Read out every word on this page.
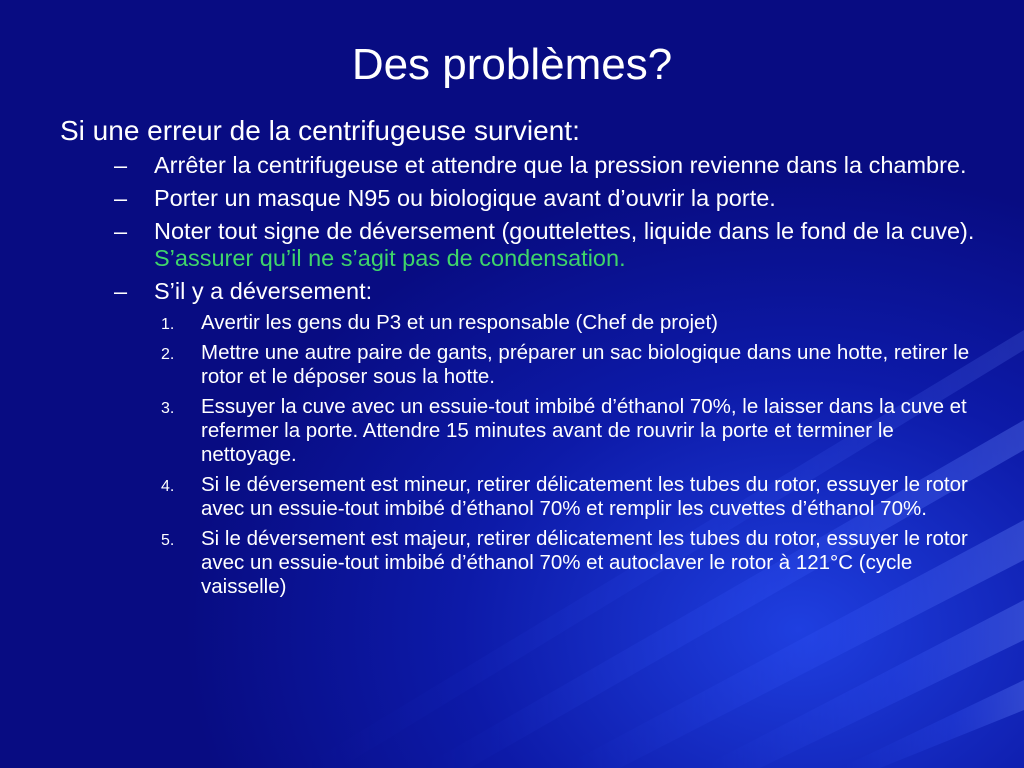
Des problèmes?

Si une erreur de la centrifugeuse survient:

– Arrêter la centrifugeuse et attendre que la pression revienne dans la chambre.
– Porter un masque N95 ou biologique avant d’ouvrir la porte.
– Noter tout signe de déversement (gouttelettes, liquide dans le fond de la cuve). S’assurer qu’il ne s’agit pas de condensation.
– S’il y a déversement:
1. Avertir les gens du P3 et un responsable (Chef de projet)
2. Mettre une autre paire de gants, préparer un sac biologique dans une hotte, retirer le rotor et le déposer sous la hotte.
3. Essuyer la cuve avec un essuie-tout imbibé d’éthanol 70%, le laisser dans la cuve et refermer la porte. Attendre 15 minutes avant de rouvrir la porte et terminer le nettoyage.
4. Si le déversement est mineur, retirer délicatement les tubes du rotor, essuyer le rotor avec un essuie-tout imbibé d’éthanol 70% et remplir les cuvettes d’éthanol 70%.
5. Si le déversement est majeur, retirer délicatement les tubes du rotor, essuyer le rotor avec un essuie-tout imbibé d’éthanol 70% et autoclaver le rotor à 121°C (cycle vaisselle)
